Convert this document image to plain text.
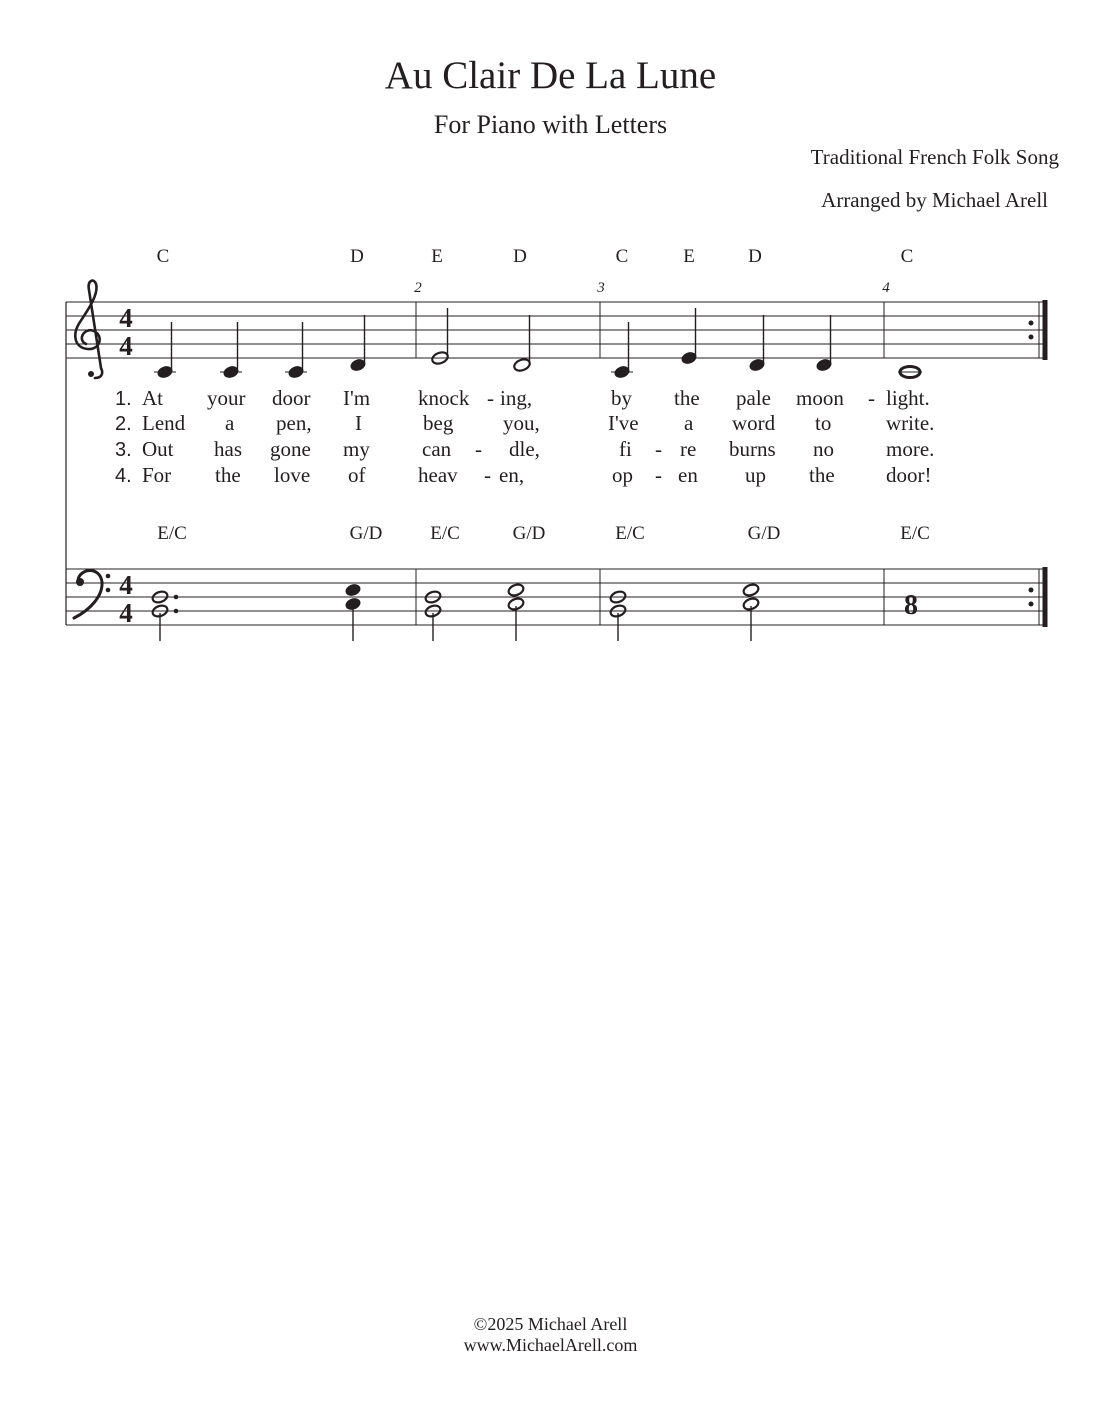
Au Clair De La Lune
For Piano with Letters
Traditional French Folk Song
Arranged by Michael Arell
4
4
4
4
2	3	4
C	D	E	D	C	E	D	C
1. At your door I'm knock - ing,	by the pale moon - light.
2. Lend a pen, I	beg you,	I've a word to	write.
3. Out has gone my can - dle,	fi - re burns no more.
4. For the love of	heav - en,	op - en up the door!
E/C	G/D	E/C	G/D	E/C	G/D	E/C
8
©2025 Michael Arell
www.MichaelArell.com
